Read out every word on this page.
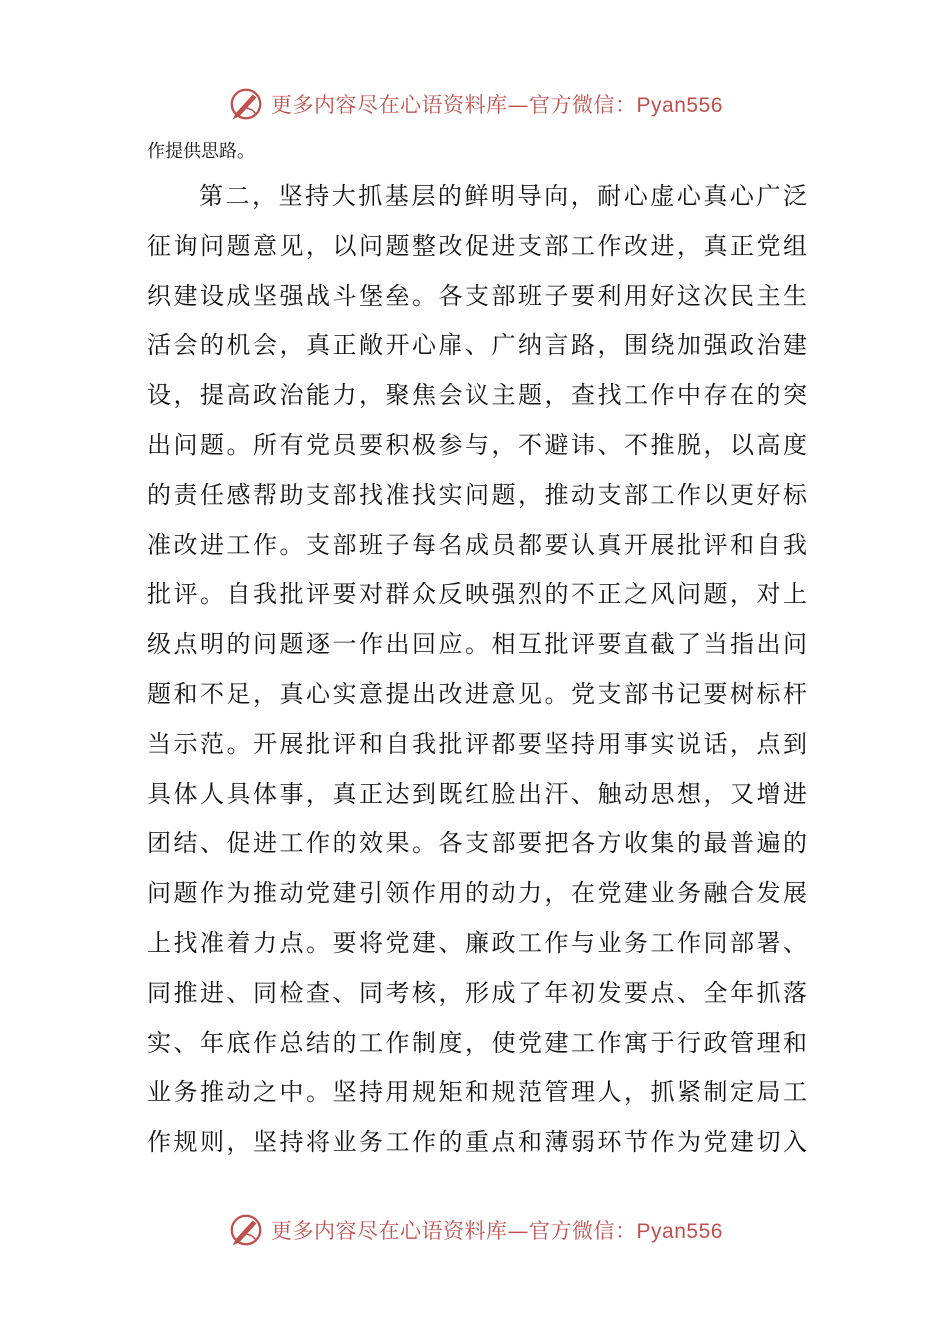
更多内容尽在心语资料库—官方微信：Pyan556
作提供思路。
第二，坚持大抓基层的鲜明导向，耐心虚心真心广泛
征询问题意见，以问题整改促进支部工作改进，真正党组
织建设成坚强战斗堡垒。各支部班子要利用好这次民主生
活会的机会，真正敞开心扉、广纳言路，围绕加强政治建
设，提高政治能力，聚焦会议主题，查找工作中存在的突
出问题。所有党员要积极参与，不避讳、不推脱，以高度
的责任感帮助支部找准找实问题，推动支部工作以更好标
准改进工作。支部班子每名成员都要认真开展批评和自我
批评。自我批评要对群众反映强烈的不正之风问题，对上
级点明的问题逐一作出回应。相互批评要直截了当指出问
题和不足，真心实意提出改进意见。党支部书记要树标杆
当示范。开展批评和自我批评都要坚持用事实说话，点到
具体人具体事，真正达到既红脸出汗、触动思想，又增进
团结、促进工作的效果。各支部要把各方收集的最普遍的
问题作为推动党建引领作用的动力，在党建业务融合发展
上找准着力点。要将党建、廉政工作与业务工作同部署、
同推进、同检查、同考核，形成了年初发要点、全年抓落
实、年底作总结的工作制度，使党建工作寓于行政管理和
业务推动之中。坚持用规矩和规范管理人，抓紧制定局工
作规则，坚持将业务工作的重点和薄弱环节作为党建切入
更多内容尽在心语资料库—官方微信：Pyan556
